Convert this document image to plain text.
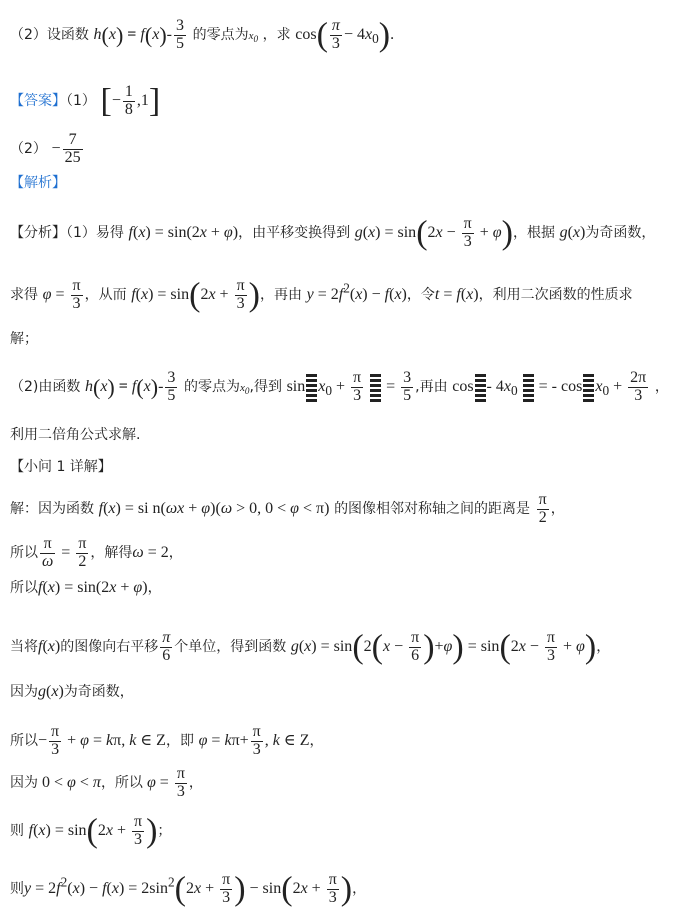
（2）设函数 $h(x) = f(x)- \frac{3}{5}$ 的零点为$x_0$ ，求 $\cos( \frac{\pi}{3} - 4x_0)$.
【答案】（1） [− $\frac{1}{8} ,1$]
$(2) - \frac{7}{25}$
【解析】
【分析】（1）易得 f(x) = sin(2x + φ)，由平移变换得到 $g(x) = \sin(2x - \frac{\pi}{3} + \varphi)$，根据 g(x)为奇函数，
求得 $\varphi = \frac{\pi}{3}$ ，从而 $f(x) = \sin(2x + \frac{\pi}{3}$ )，再由 $y = 2f^2(x) - f(x)$，令t = f(x)，利用二次函数的性质求
解；
（2)由函数 $h(x) = f(x)- \frac{3}{5}$ 的零点为$x_0$,得到 $\sin x_0 + \frac{\pi}{3} = \frac{3}{5}$ ,再由 cos - $4x_0$  = - $\cos x_0 + \frac{2\pi}{3}$ ，
利用二倍角公式求解.
【小问 1 详解】
解：因为函数 f(x) = si n(ωx + φ)(ω > 0, 0 < φ < π) 的图像相邻对称轴之间的距离是 $\frac{\pi}{2}$ ，
所以 $\frac{\pi}{\omega} = \frac{\pi}{2}$ ，解得ω = 2，
所以f(x) = sin(2x + φ)，
当将f(x)的图像向右平移 $\frac{\pi}{6}$ 个单位，得到函数 $g(x) = \sin(2(x - \frac{\pi}{6} )+\varphi) = \sin(2x - \frac{\pi}{3} + \varphi)$，
因为g(x)为奇函数，
所以− $\frac{\pi}{3} + \varphi = k\pi$, k ∈ Z，即 $\varphi = k\pi+ \frac{\pi}{3}$ , k ∈ Z，
因为 0 < φ < π，所以 $\varphi = \frac{\pi}{3}$ ，
则 $f(x) = \sin(2x + \frac{\pi}{3}$ )；
则$y = 2f^2(x) - f(x) = 2\sin^2(2x + \frac{\pi}{3}$ ) − $\sin(2x + \frac{\pi}{3}$ )，
